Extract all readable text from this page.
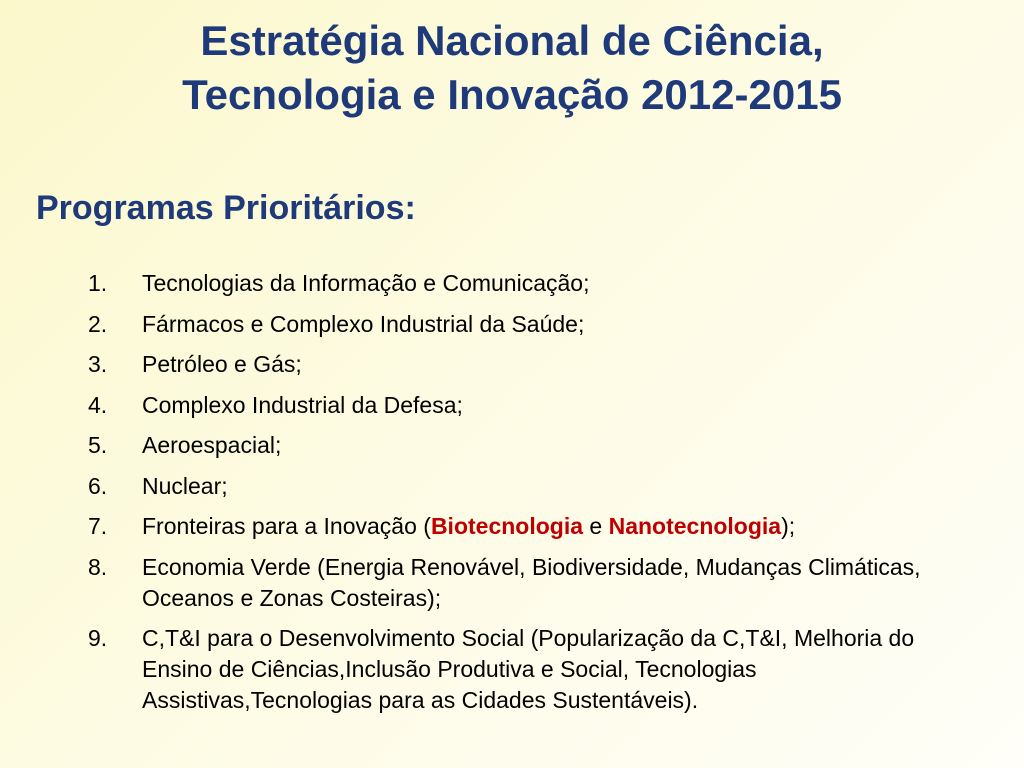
Estratégia Nacional de Ciência,
Tecnologia e Inovação 2012-2015
Programas Prioritários:
1. Tecnologias da Informação e Comunicação;
2. Fármacos e Complexo Industrial da Saúde;
3. Petróleo e Gás;
4. Complexo Industrial da Defesa;
5. Aeroespacial;
6. Nuclear;
7. Fronteiras para a Inovação (Biotecnologia e Nanotecnologia);
8. Economia Verde (Energia Renovável, Biodiversidade, Mudanças Climáticas, Oceanos e Zonas Costeiras);
9. C,T&I para o Desenvolvimento Social (Popularização da C,T&I, Melhoria do Ensino de Ciências,Inclusão Produtiva e Social, Tecnologias Assistivas,Tecnologias para as Cidades Sustentáveis).
